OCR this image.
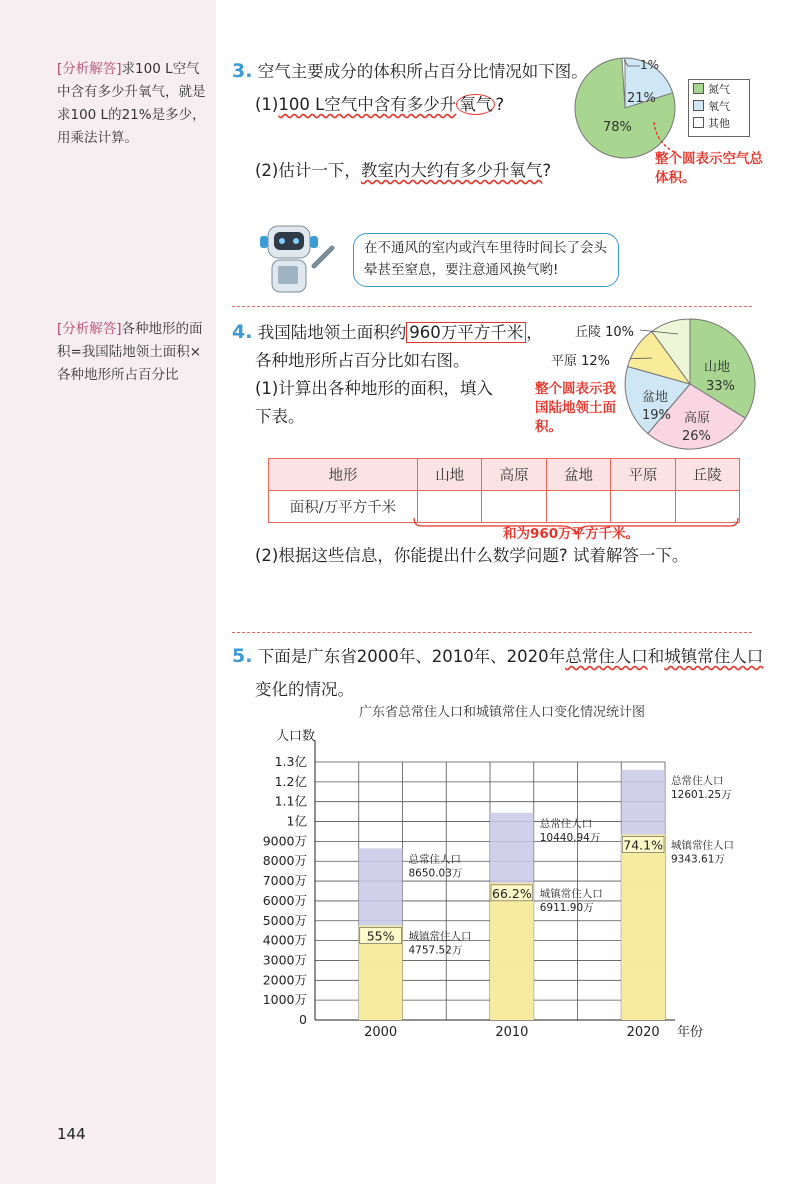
[分析解答]求100 L空气中含有多少升氧气，就是求100 L的21%是多少，用乘法计算。
[分析解答]各种地形的面积=我国陆地领土面积×各种地形所占百分比
144
3. 空气主要成分的体积所占百分比情况如下图。
(1)100 L空气中含有多少升 氧气 ?
(2)估计一下，教室内大约有多少升氧气?
1%
21%
78%
氮气
氧气
其他
整个圆表示空气总体积。
在不通风的室内或汽车里待时间长了会头晕甚至窒息，要注意通风换气哟!
4. 我国陆地领土面积约 960万平方千米 ，
各种地形所占百分比如右图。
(1)计算出各种地形的面积，填入
下表。
山地
33%
高原
26%
盆地
19%
丘陵 10%
平原 12%
整个圆表示我国陆地领土面积。
地形	山地	高原	盆地	平原	丘陵
面积/万平方千米					
和为960万平方千米。
(2)根据这些信息，你能提出什么数学问题? 试着解答一下。
5. 下面是广东省2000年、2010年、2020年总常住人口和城镇常住人口
变化的情况。
广东省总常住人口和城镇常住人口变化情况统计图
人口数
年份
0
1000万
2000万
3000万
4000万
5000万
6000万
7000万
8000万
9000万
1亿
1.1亿
1.2亿
1.3亿
55%
2000
总常住人口
8650.03万
城镇常住人口
4757.52万
66.2%
2010
总常住人口
10440.94万
城镇常住人口
6911.90万
74.1%
2020
总常住人口
12601.25万
城镇常住人口
9343.61万
